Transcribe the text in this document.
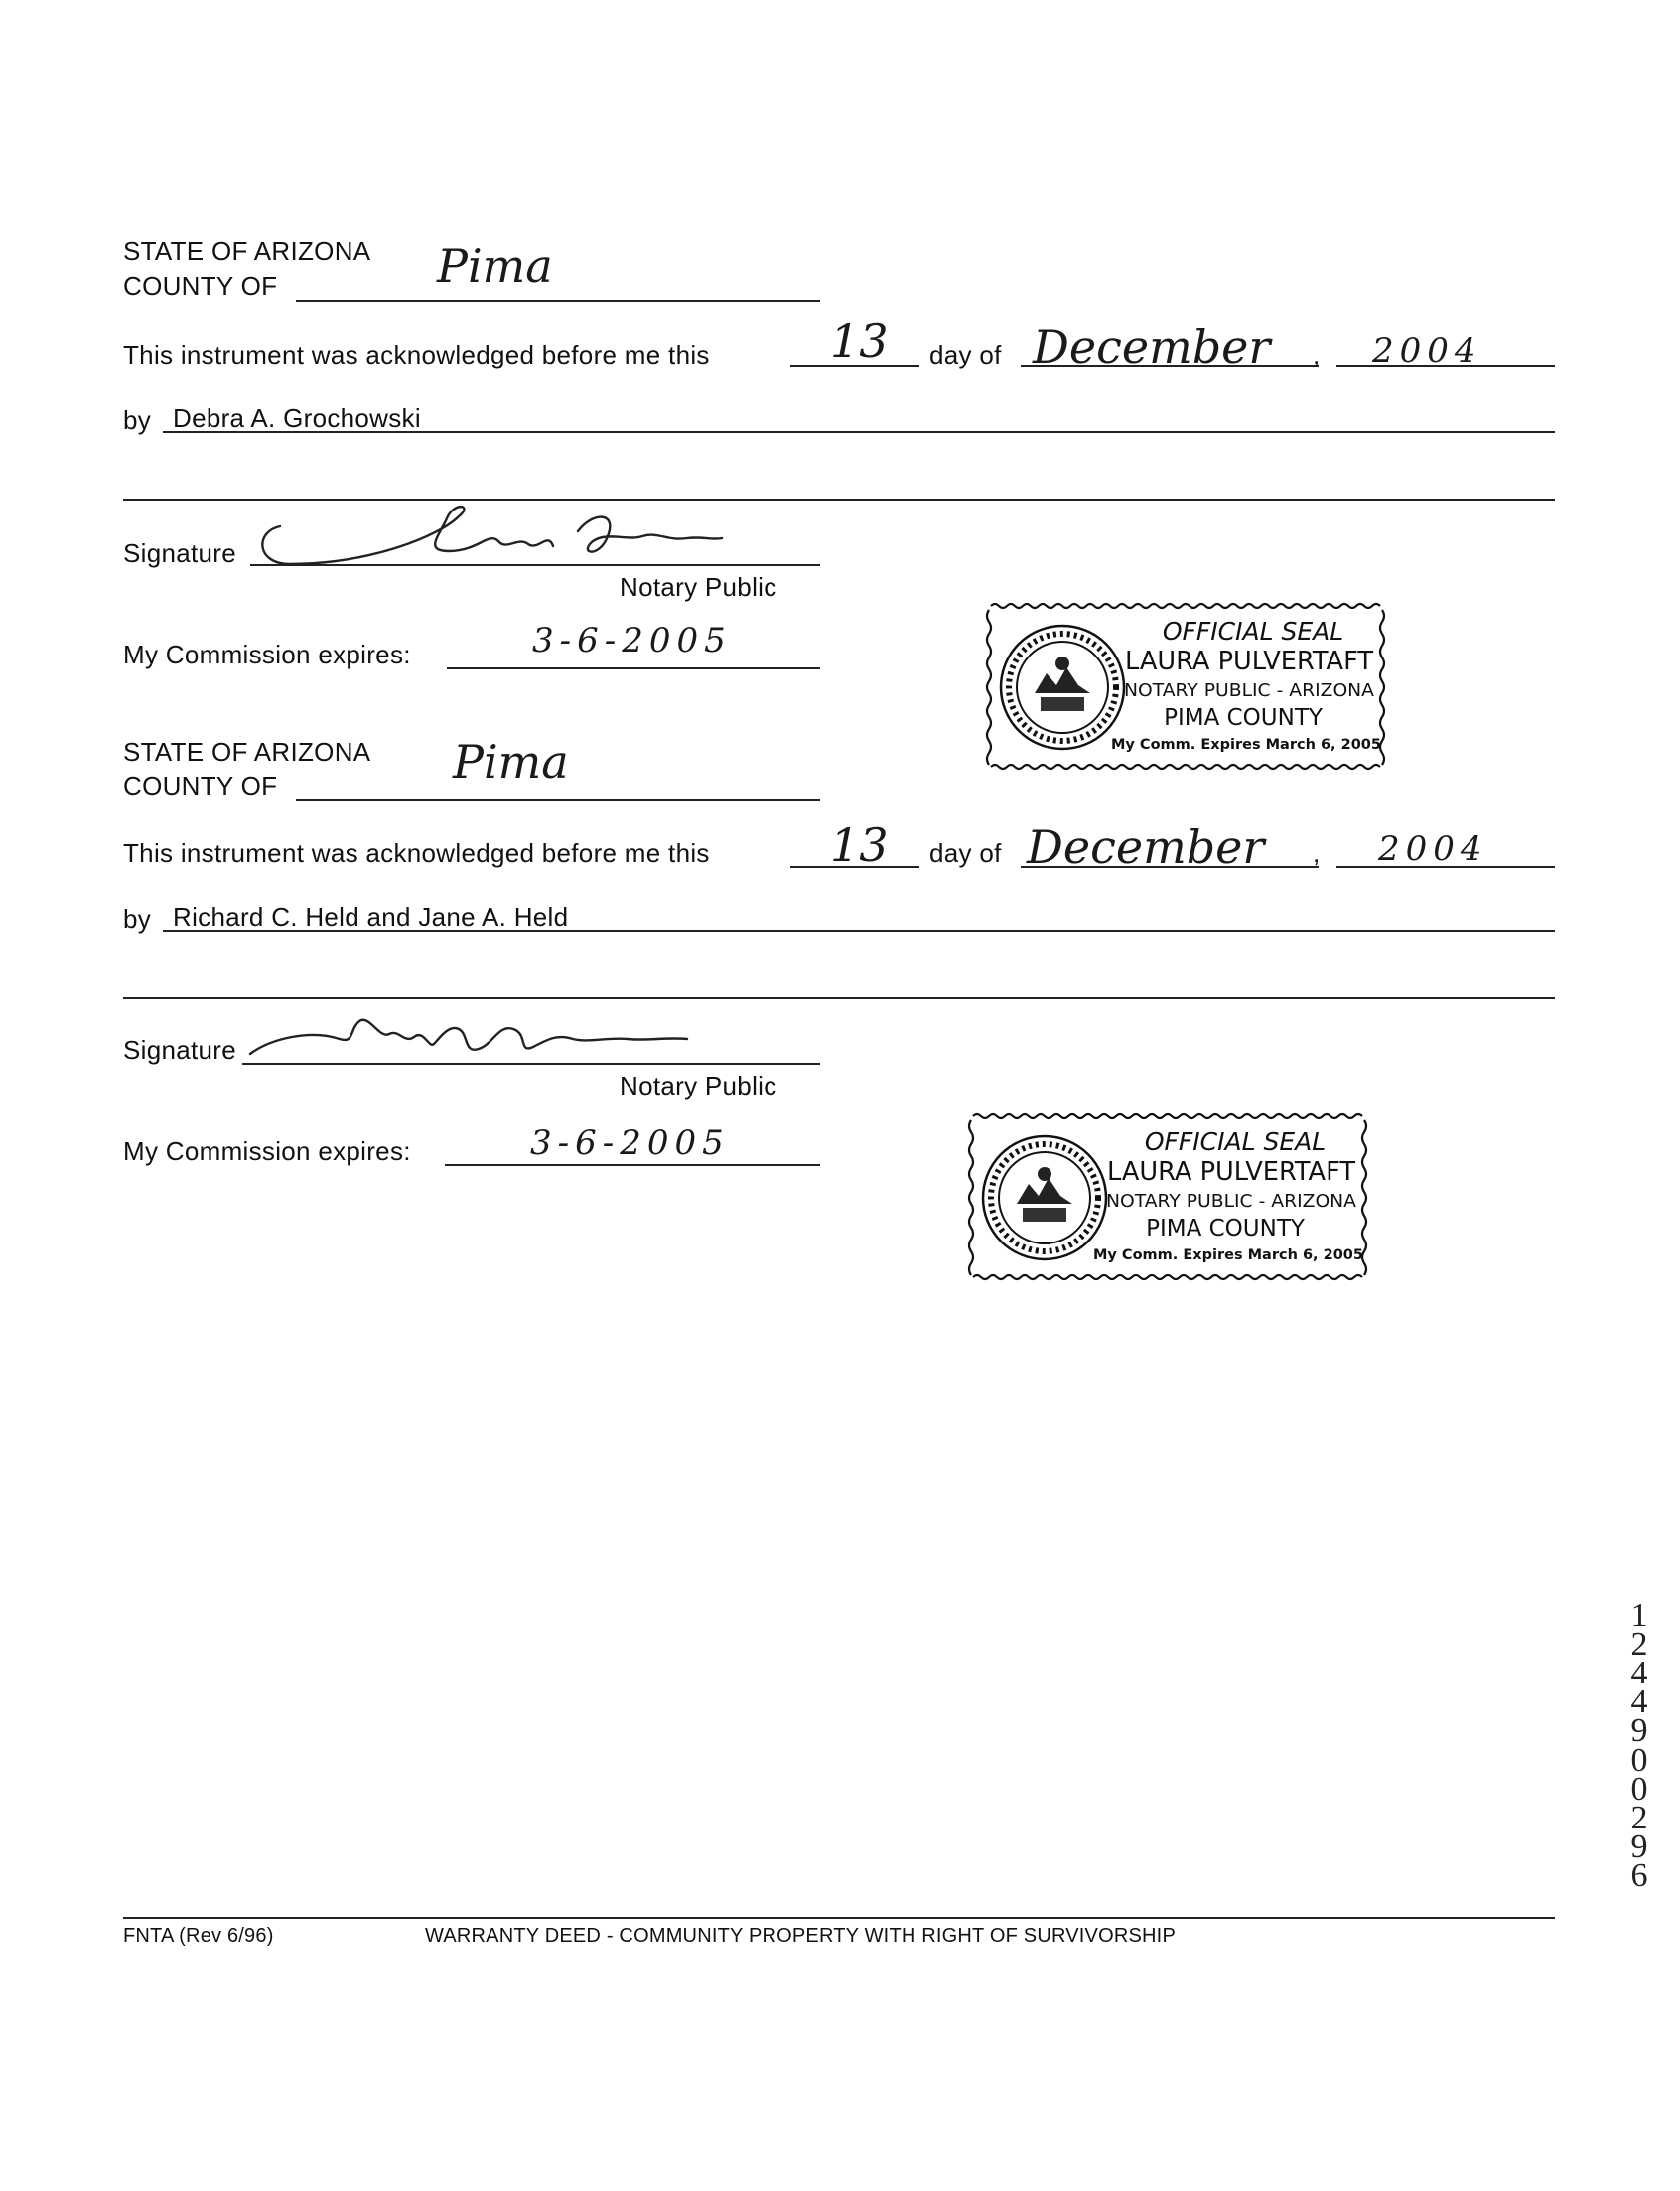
STATE OF ARIZONA
COUNTY OF	Pima
This instrument was acknowledged before me this	13 day of December , 2004
by Debra A. Grochowski
Signature
Notary Public
My Commission expires:	3-6-2005	OFFICIAL SEAL
LAURA PULVERTAFT
NOTARY PUBLIC - ARIZONA
PIMA COUNTY
My Comm. Expires March 6, 2005
STATE OF ARIZONA
COUNTY OF	Pima
This instrument was acknowledged before me this	13 day of December , 2004
by Richard C. Held and Jane A. Held
Signature
Notary Public
My Commission expires:	3-6-2005	OFFICIAL SEAL
LAURA PULVERTAFT
NOTARY PUBLIC - ARIZONA
PIMA COUNTY
My Comm. Expires March 6, 2005
12449
00296
FNTA (Rev 6/96)	WARRANTY DEED - COMMUNITY PROPERTY WITH RIGHT OF SURVIVORSHIP
